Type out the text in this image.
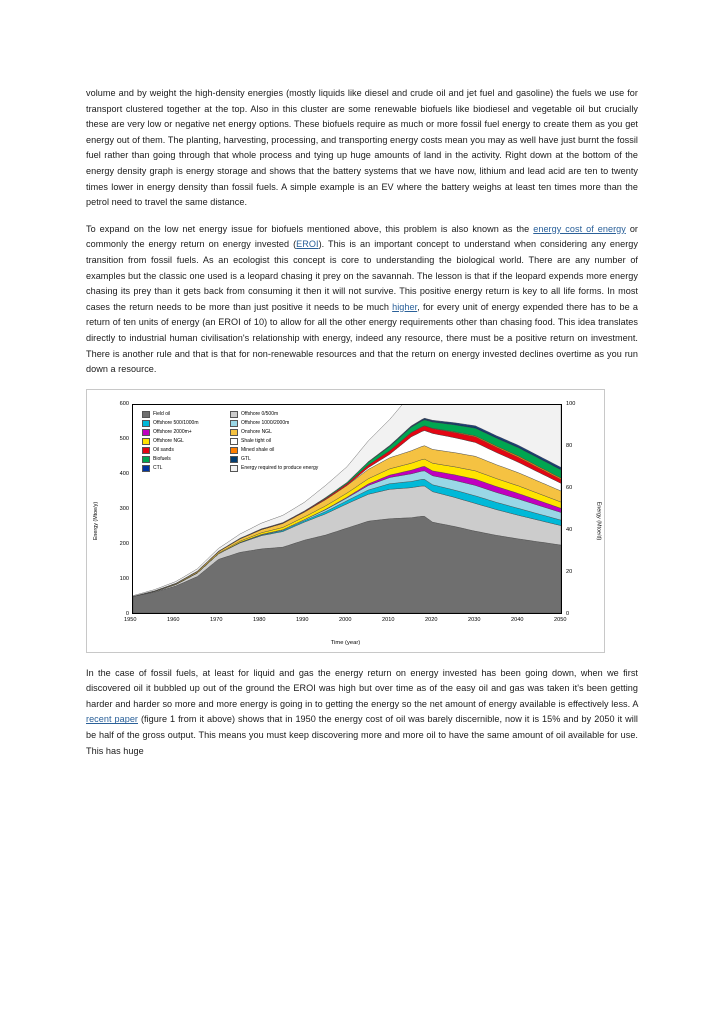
volume and by weight the high-density energies (mostly liquids like diesel and crude oil and jet fuel and gasoline) the fuels we use for transport clustered together at the top. Also in this cluster are some renewable biofuels like biodiesel and vegetable oil but crucially these are very low or negative net energy options. These biofuels require as much or more fossil fuel energy to create them as you get energy out of them. The planting, harvesting, processing, and transporting energy costs mean you may as well have just burnt the fossil fuel rather than going through that whole process and tying up huge amounts of land in the activity. Right down at the bottom of the energy density graph is energy storage and shows that the battery systems that we have now, lithium and lead acid are ten to twenty times lower in energy density than fossil fuels. A simple example is an EV where the battery weighs at least ten times more than the petrol need to travel the same distance.

To expand on the low net energy issue for biofuels mentioned above, this problem is also known as the energy cost of energy or commonly the energy return on energy invested (EROI). This is an important concept to understand when considering any energy transition from fossil fuels. As an ecologist this concept is core to understanding the biological world. There are any number of examples but the classic one used is a leopard chasing it prey on the savannah. The lesson is that if the leopard expends more energy chasing its prey than it gets back from consuming it then it will not survive. This positive energy return is key to all life forms. In most cases the return needs to be more than just positive it needs to be much higher, for every unit of energy expended there has to be a return of ten units of energy (an EROI of 10) to allow for all the other energy requirements other than chasing food. This idea translates directly to industrial human civilisation's relationship with energy, indeed any resource, there must be a positive return on investment. There is another rule and that is that for non-renewable resources and that the return on energy invested declines overtime as you run down a resource.

Field oil
Offshore 500/1000m
Offshore 2000m+
Offshore NGL
Oil sands
Biofuels
CTL
Offshore 0/500m
Offshore 1000/2000m
Onshore NGL
Shale tight oil
Mined shale oil
GTL
Energy required to produce energy
Energy (Mtoe/y)	Energy (Mtoe/d)
Time (year)
1950	1960	1970	1980	1990	2000	2010	2020	2030	2040	2050
0
100
200
300
400
500
600
0
20
40
60
80
100

In the case of fossil fuels, at least for liquid and gas the energy return on energy invested has been going down, when we first discovered oil it bubbled up out of the ground the EROI was high but over time as of the easy oil and gas was taken it's been getting harder and harder so more and more energy is going in to getting the energy so the net amount of energy available is effectively less. A recent paper (figure 1 from it above) shows that in 1950 the energy cost of oil was barely discernible, now it is 15% and by 2050 it will be half of the gross output. This means you must keep discovering more and more oil to have the same amount of oil available for use. This has huge
